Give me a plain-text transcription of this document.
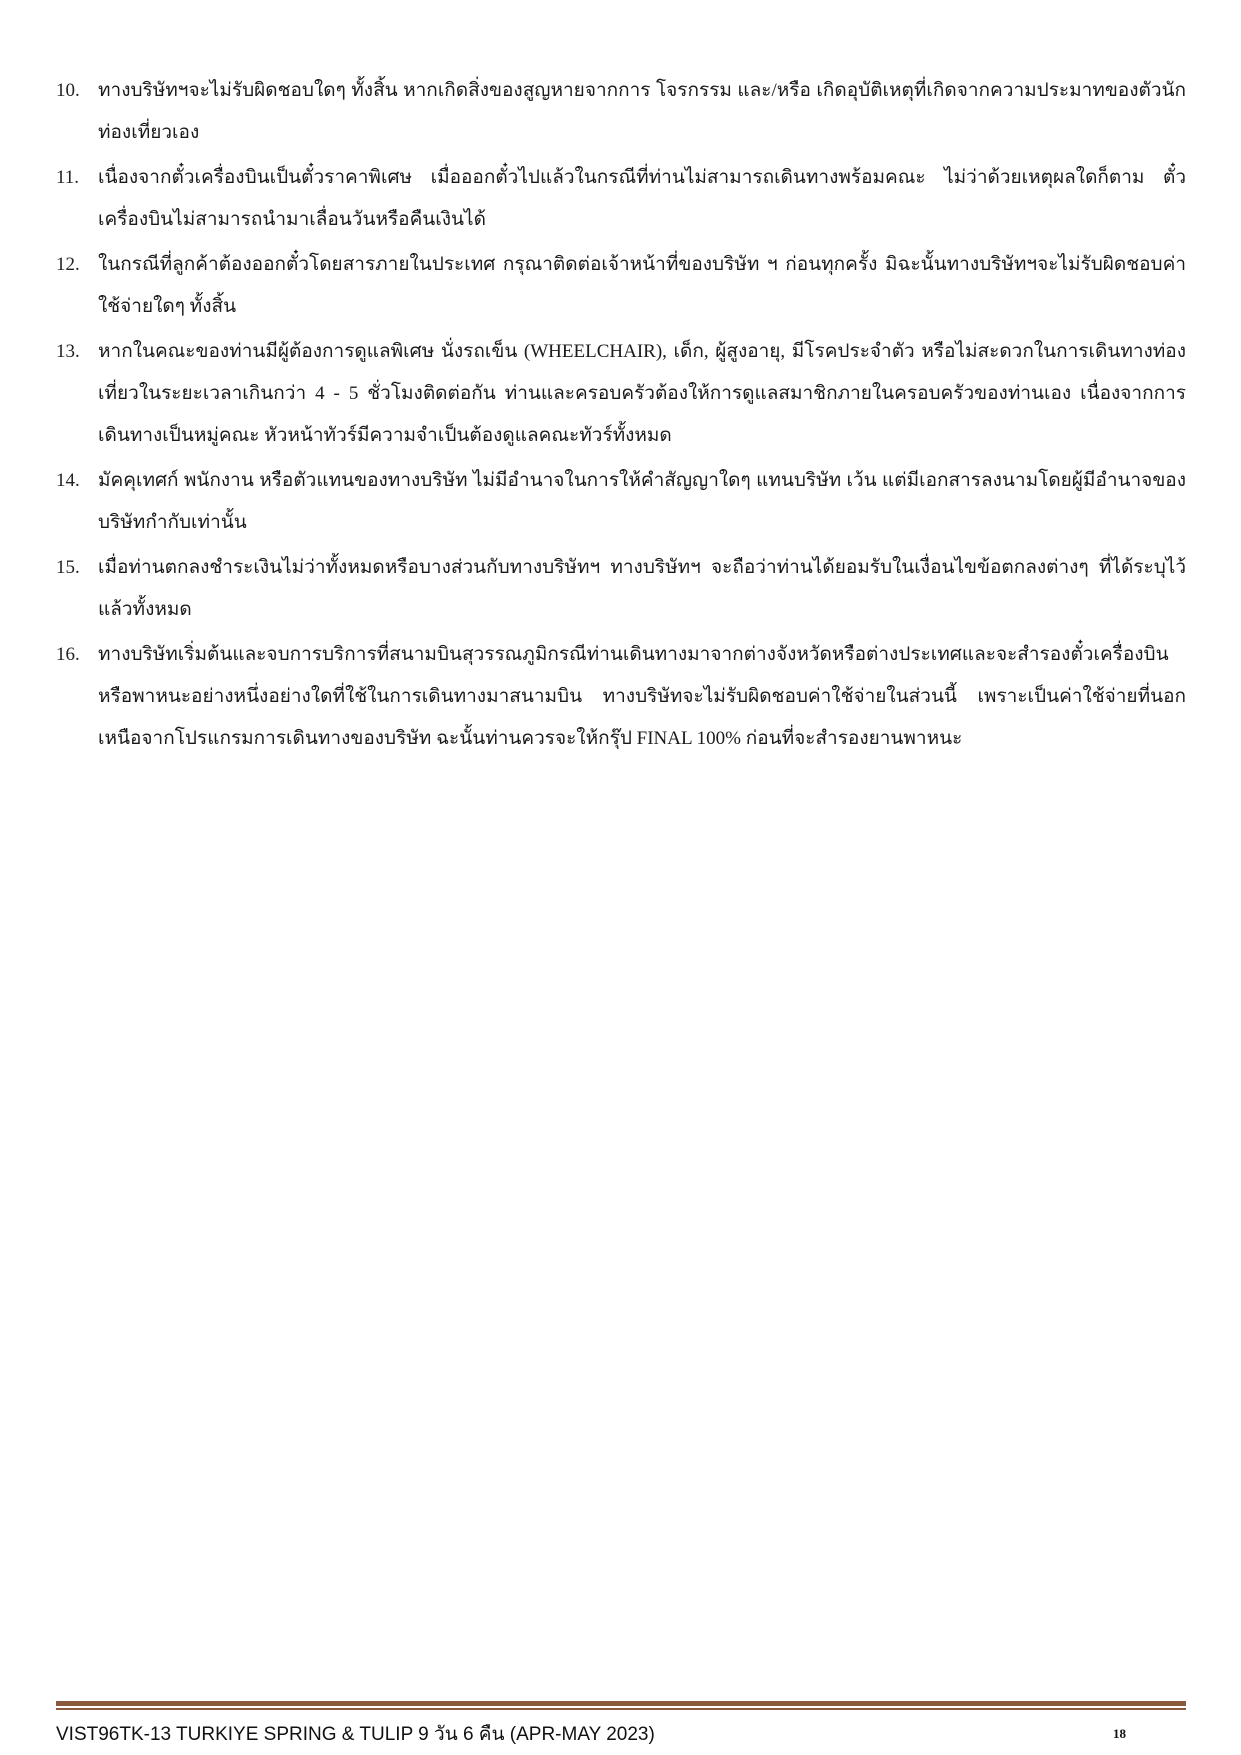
10. ทางบริษัทฯจะไม่รับผิดชอบใดๆ ทั้งสิ้น หากเกิดสิ่งของสูญหายจากการ โจรกรรม และ/หรือ เกิดอุบัติเหตุที่เกิดจากความประมาทของตัวนักท่องเที่ยวเอง
11. เนื่องจากตั๋วเครื่องบินเป็นตั๋วราคาพิเศษ เมื่อออกตั๋วไปแล้วในกรณีที่ท่านไม่สามารถเดินทางพร้อมคณะ ไม่ว่าด้วยเหตุผลใดก็ตาม ตั๋วเครื่องบินไม่สามารถนำมาเลื่อนวันหรือคืนเงินได้
12. ในกรณีที่ลูกค้าต้องออกตั๋วโดยสารภายในประเทศ กรุณาติดต่อเจ้าหน้าที่ของบริษัท ฯ ก่อนทุกครั้ง มิฉะนั้นทางบริษัทฯจะไม่รับผิดชอบค่าใช้จ่ายใดๆ ทั้งสิ้น
13. หากในคณะของท่านมีผู้ต้องการดูแลพิเศษ นั่งรถเข็น (WHEELCHAIR), เด็ก, ผู้สูงอายุ, มีโรคประจำตัว หรือไม่สะดวกในการเดินทางท่องเที่ยวในระยะเวลาเกินกว่า 4 - 5 ชั่วโมงติดต่อกัน ท่านและครอบครัวต้องให้การดูแลสมาชิกภายในครอบครัวของท่านเอง เนื่องจากการเดินทางเป็นหมู่คณะ หัวหน้าทัวร์มีความจำเป็นต้องดูแลคณะทัวร์ทั้งหมด
14. มัคคุเทศก์ พนักงาน หรือตัวแทนของทางบริษัท ไม่มีอำนาจในการให้คำสัญญาใดๆ แทนบริษัท เว้น แต่มีเอกสารลงนามโดยผู้มีอำนาจของบริษัทกำกับเท่านั้น
15. เมื่อท่านตกลงชำระเงินไม่ว่าทั้งหมดหรือบางส่วนกับทางบริษัทฯ ทางบริษัทฯ จะถือว่าท่านได้ยอมรับในเงื่อนไขข้อตกลงต่างๆ ที่ได้ระบุไว้แล้วทั้งหมด
16. ทางบริษัทเริ่มต้นและจบการบริการที่สนามบินสุวรรณภูมิกรณีท่านเดินทางมาจากต่างจังหวัดหรือต่างประเทศและจะสำรองตั๋วเครื่องบินหรือพาหนะอย่างหนึ่งอย่างใดที่ใช้ในการเดินทางมาสนามบิน ทางบริษัทจะไม่รับผิดชอบค่าใช้จ่ายในส่วนนี้ เพราะเป็นค่าใช้จ่ายที่นอกเหนือจากโปรแกรมการเดินทางของบริษัท ฉะนั้นท่านควรจะให้กรุ๊ป FINAL 100% ก่อนที่จะสำรองยานพาหนะ
VIST96TK-13 TURKIYE SPRING & TULIP 9 วัน 6 คืน (APR-MAY 2023)	18
